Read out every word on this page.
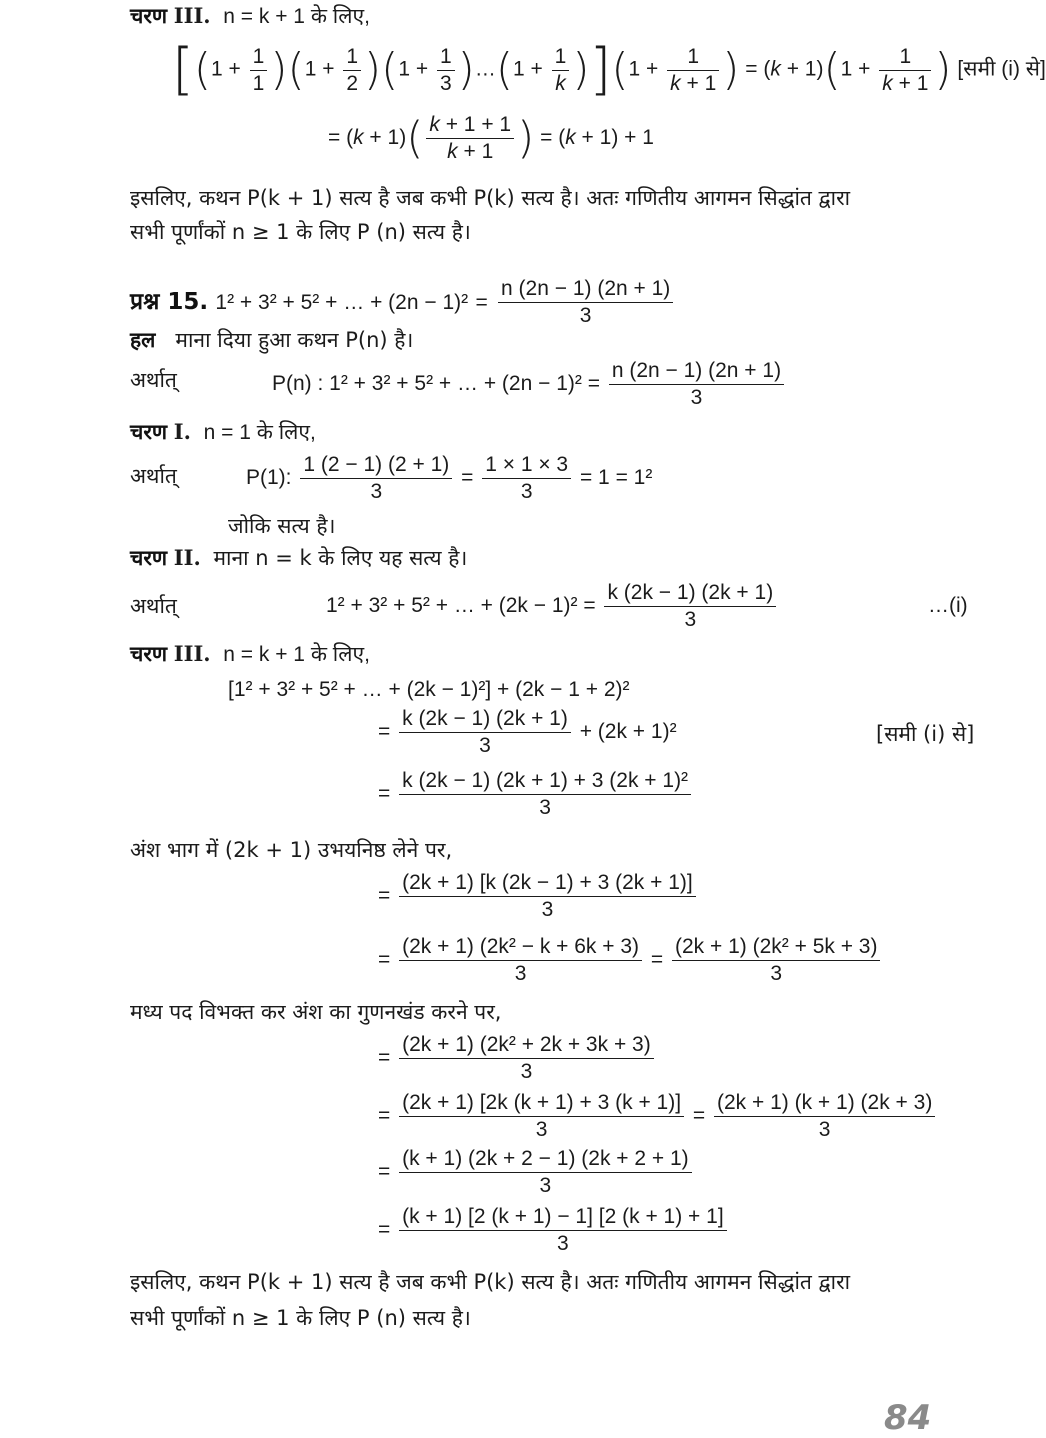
चरण III. n = k + 1 के लिए,
[$(1 + \frac{1}{1} )(1 + \frac{1}{2} )(1 + \frac{1}{3}$ )…(1 + $\frac{1}{k} )](1 + \frac{1}{k + 1}$ ) = $(k + 1)(1 + \frac{1}{k + 1}$ ) [समी (i) से]
= $(k + 1)( \frac{k + 1 + 1}{k + 1}$ ) = (k + 1) + 1
इसलिए, कथन P(k + 1) सत्य है जब कभी P(k) सत्य है। अतः गणितीय आगमन सिद्धांत द्वारा
सभी पूर्णांकों n ≥ 1 के लिए P (n) सत्य है।
प्रश्न 15. 1² + 3² + 5² + … + $(2n - 1)^2 = \frac{n (2n - 1) (2n + 1)}{3}$
हल माना दिया हुआ कथन P(n) है।
अर्थात्	P(n) : 1² + 3² + 5² + … + $(2n - 1)^2 = \frac{n (2n - 1) (2n + 1)}{3}$
चरण I. n = 1 के लिए,
अर्थात्	P(1): $\frac{1 (2 - 1) (2 + 1)}{3} = \frac{1 \times 1 \times 3}{3} = 1 = 1^2$
जोकि सत्य है।
चरण II. माना n = k के लिए यह सत्य है।
अर्थात्	1² + 3² + 5² + … + $(2k - 1)^2 = \frac{k (2k - 1) (2k + 1)}{3}$	…(i)
चरण III. n = k + 1 के लिए,
[1² + 3² + 5² + … + (2k − 1)²] + (2k − 1 + 2)²
= $\frac{k (2k - 1) (2k + 1)}{3} + (2k + 1)^2$	[समी (i) से]
= $\frac{\text{k (2k − 1) (2k + 1) + 3 (2k + 1)²}}{3}$
अंश भाग में (2k + 1) उभयनिष्ठ लेने पर,
= $\frac{(2k + 1) [k (2k - 1) + 3 (2k + 1)]}{3}$
= $\frac{\text{(2k + 1) (2k² − k + 6k + 3)}}{3} = \frac{\text{(2k + 1) (2k² + 5k + 3)}}{3}$
मध्य पद विभक्त कर अंश का गुणनखंड करने पर,
= $\frac{\text{(2k + 1) (2k² + 2k + 3k + 3)}}{3}$
= $\frac{(2k + 1) [2k (k + 1) + 3 (k + 1)]}{3} = \frac{(2k + 1) (k + 1) (2k + 3)}{3}$
= $\frac{(k + 1) (2k + 2 - 1) (2k + 2 + 1)}{3}$
= $\frac{(k + 1) [2 (k + 1) - 1] [2 (k + 1) + 1]}{3}$
इसलिए, कथन P(k + 1) सत्य है जब कभी P(k) सत्य है। अतः गणितीय आगमन सिद्धांत द्वारा
सभी पूर्णांकों n ≥ 1 के लिए P (n) सत्य है।
84
